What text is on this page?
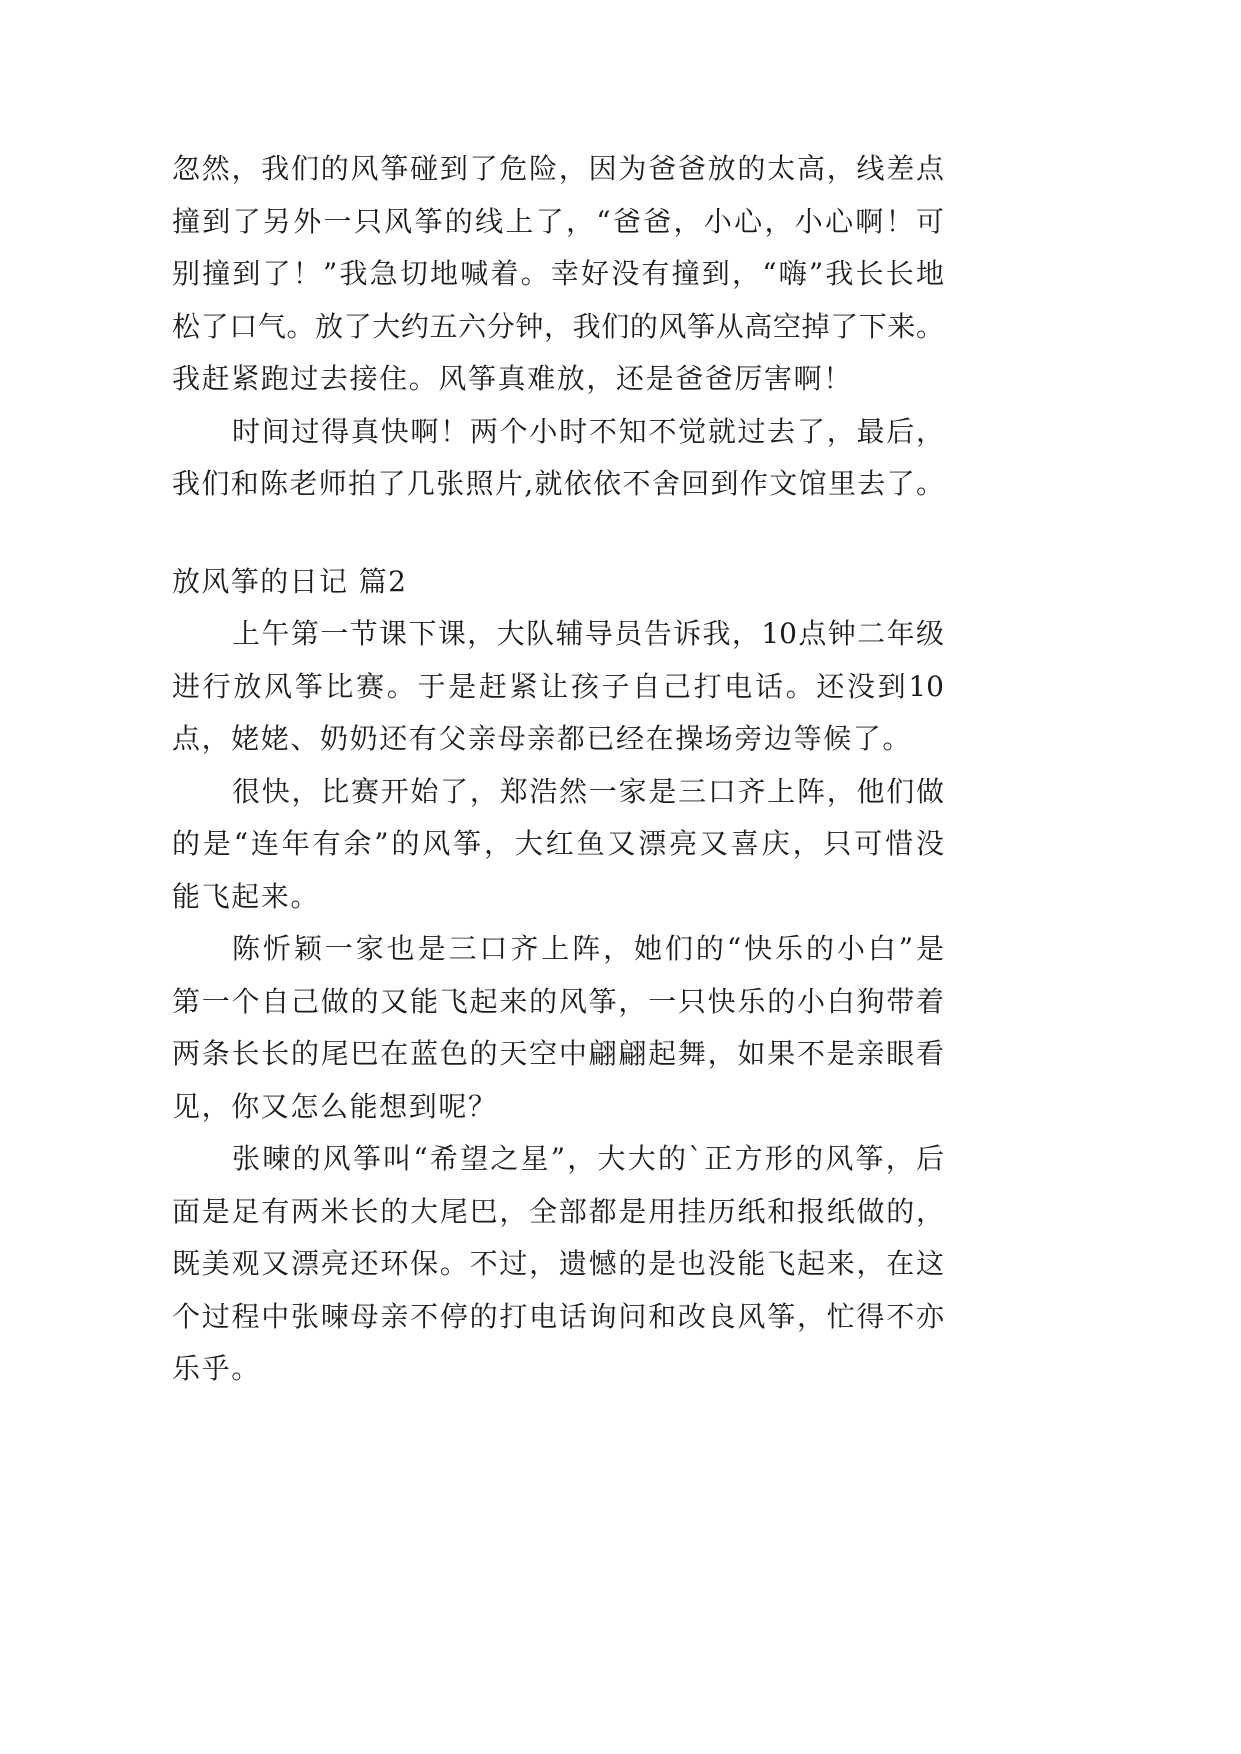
忽然，我们的风筝碰到了危险，因为爸爸放的太高，线差点
撞到了另外一只风筝的线上了，“爸爸，小心，小心啊！可
别撞到了！”我急切地喊着。幸好没有撞到，“嗨”我长长地
松了口气。放了大约五六分钟，我们的风筝从高空掉了下来。
我赶紧跑过去接住。风筝真难放，还是爸爸厉害啊！
时间过得真快啊！两个小时不知不觉就过去了，最后，
我们和陈老师拍了几张照片,就依依不舍回到作文馆里去了。
放风筝的日记 篇2
上午第一节课下课，大队辅导员告诉我，10点钟二年级
进行放风筝比赛。于是赶紧让孩子自己打电话。还没到10
点，姥姥、奶奶还有父亲母亲都已经在操场旁边等候了。
很快，比赛开始了，郑浩然一家是三口齐上阵，他们做
的是“连年有余”的风筝，大红鱼又漂亮又喜庆，只可惜没
能飞起来。
陈忻颖一家也是三口齐上阵，她们的“快乐的小白”是
第一个自己做的又能飞起来的风筝，一只快乐的小白狗带着
两条长长的尾巴在蓝色的天空中翩翩起舞，如果不是亲眼看
见，你又怎么能想到呢？
张暕的风筝叫“希望之星”，大大的`正方形的风筝，后
面是足有两米长的大尾巴，全部都是用挂历纸和报纸做的，
既美观又漂亮还环保。不过，遗憾的是也没能飞起来，在这
个过程中张暕母亲不停的打电话询问和改良风筝，忙得不亦
乐乎。
